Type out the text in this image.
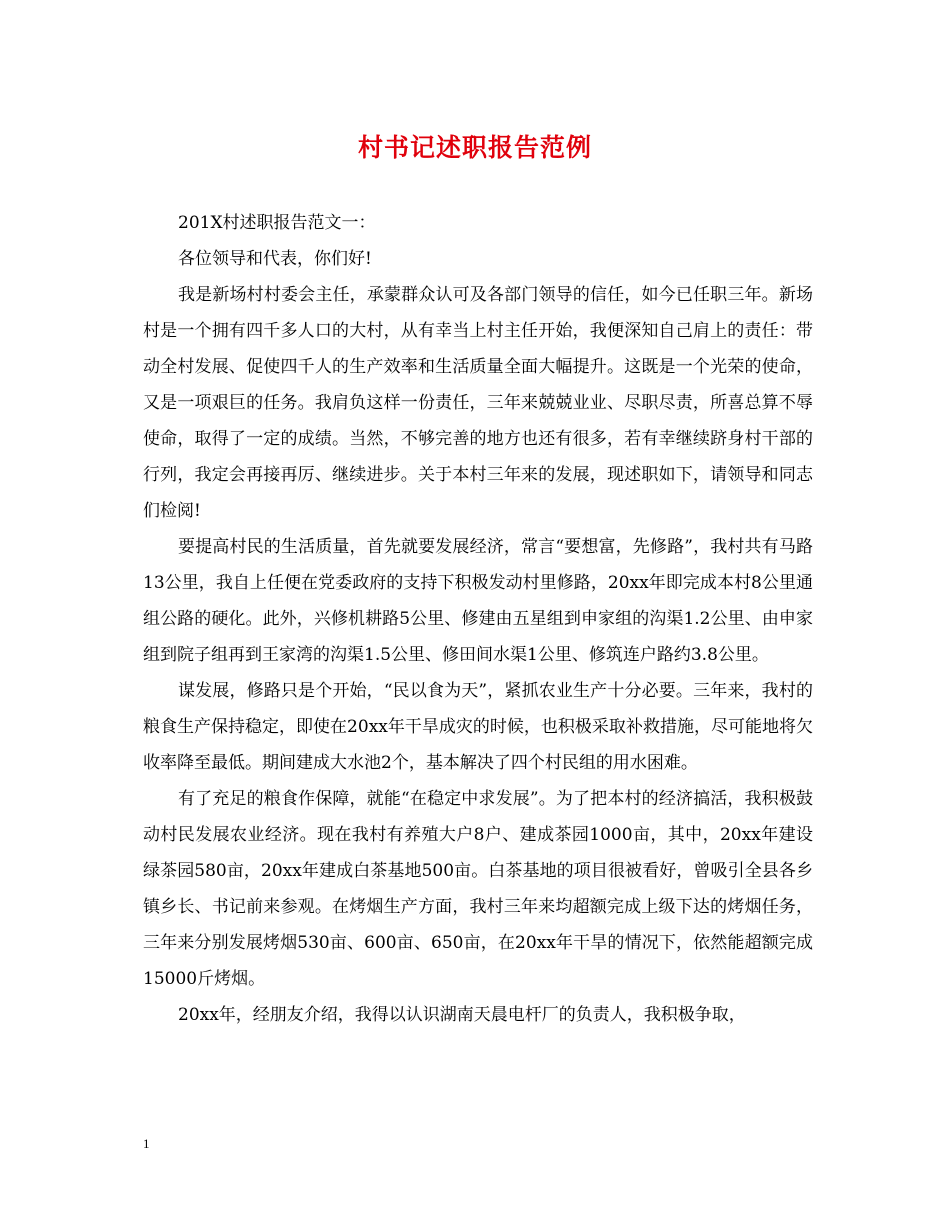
村书记述职报告范例

201X村述职报告范文一：

各位领导和代表，你们好!

我是新场村村委会主任，承蒙群众认可及各部门领导的信任，如今已任职三年。新场村是一个拥有四千多人口的大村，从有幸当上村主任开始，我便深知自己肩上的责任：带动全村发展、促使四千人的生产效率和生活质量全面大幅提升。这既是一个光荣的使命，又是一项艰巨的任务。我肩负这样一份责任，三年来兢兢业业、尽职尽责，所喜总算不辱使命，取得了一定的成绩。当然，不够完善的地方也还有很多，若有幸继续跻身村干部的行列，我定会再接再厉、继续进步。关于本村三年来的发展，现述职如下，请领导和同志们检阅!

要提高村民的生活质量，首先就要发展经济，常言“要想富，先修路”，我村共有马路13公里，我自上任便在党委政府的支持下积极发动村里修路，20xx年即完成本村8公里通组公路的硬化。此外，兴修机耕路5公里、修建由五星组到申家组的沟渠1.2公里、由申家组到院子组再到王家湾的沟渠1.5公里、修田间水渠1公里、修筑连户路约3.8公里。

谋发展，修路只是个开始，“民以食为天”，紧抓农业生产十分必要。三年来，我村的粮食生产保持稳定，即使在20xx年干旱成灾的时候，也积极采取补救措施，尽可能地将欠收率降至最低。期间建成大水池2个，基本解决了四个村民组的用水困难。

有了充足的粮食作保障，就能“在稳定中求发展”。为了把本村的经济搞活，我积极鼓动村民发展农业经济。现在我村有养殖大户8户、建成茶园1000亩，其中，20xx年建设绿茶园580亩，20xx年建成白茶基地500亩。白茶基地的项目很被看好，曾吸引全县各乡镇乡长、书记前来参观。在烤烟生产方面，我村三年来均超额完成上级下达的烤烟任务，三年来分别发展烤烟530亩、600亩、650亩，在20xx年干旱的情况下，依然能超额完成15000斤烤烟。

20xx年，经朋友介绍，我得以认识湖南天晨电杆厂的负责人，我积极争取，

1
